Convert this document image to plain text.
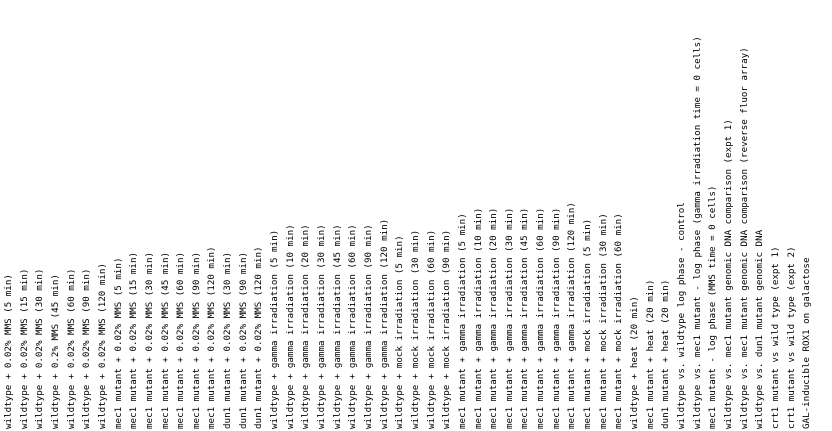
wildtype + 0.02% MMS (5 min) wildtype + 0.02% MMS (15 min) wildtype + 0.02% MMS (30 min) wildtype + 0.2% MMS (45 min) wildtype + 0.02% MMS (60 min) wildtype + 0.02% MMS (90 min) wildtype + 0.02% MMS (120 min) mec1 mutant + 0.02% MMS (5 min) mec1 mutant + 0.02% MMS (15 min) mec1 mutant + 0.02% MMS (30 min) mec1 mutant + 0.02% MMS (45 min) mec1 mutant + 0.02% MMS (60 min) mec1 mutant + 0.02% MMS (90 min) mec1 mutant + 0.02% MMS (120 min) dun1 mutant + 0.02% MMS (30 min) dun1 mutant + 0.02% MMS (90 min) dun1 mutant + 0.02% MMS (120 min) wildtype + gamma irradiation (5 min) wildtype + gamma irradiation (10 min) wildtype + gamma irradiation (20 min) wildtype + gamma irradiation (30 min) wildtype + gamma irradiation (45 min) wildtype + gamma irradiation (60 min) wildtype + gamma irradiation (90 min) wildtype + gamma irradiation (120 min) wildtype + mock irradiation (5 min) wildtype + mock irradiation (30 min) wildtype + mock irradiation (60 min) wildtype + mock irradiation (90 min) mec1 mutant + gamma irradiation (5 min) mec1 mutant + gamma irradiation (10 min) mec1 mutant + gamma irradiation (20 min) mec1 mutant + gamma irradiation (30 min) mec1 mutant + gamma irradiation (45 min) mec1 mutant + gamma irradiation (60 min) mec1 mutant + gamma irradiation (90 min) mec1 mutant + gamma irradiation (120 min) mec1 mutant + mock irradiation (5 min) mec1 mutant + mock irradiation (30 min) mec1 mutant + mock irradiation (60 min) wildtype + heat (20 min) mec1 mutant + heat (20 min) dun1 mutant + heat (20 min) wildtype vs. wildtype log phase - control wildtype vs. mec1 mutant - log phase (gamma irradiation time = 0 cells) mec1 mutant - log phase (MMS time = 0 cells) wildtype vs. mec1 mutant genomic DNA comparison (expt 1) wildtype vs. mec1 mutant genomic DNA comparison (reverse fluor array) wildtype vs. dun1 mutant genomic DNA crt1 mutant vs wild type (expt 1) crt1 mutant vs wild type (expt 2) GAL-inducible ROX1 on galactose
